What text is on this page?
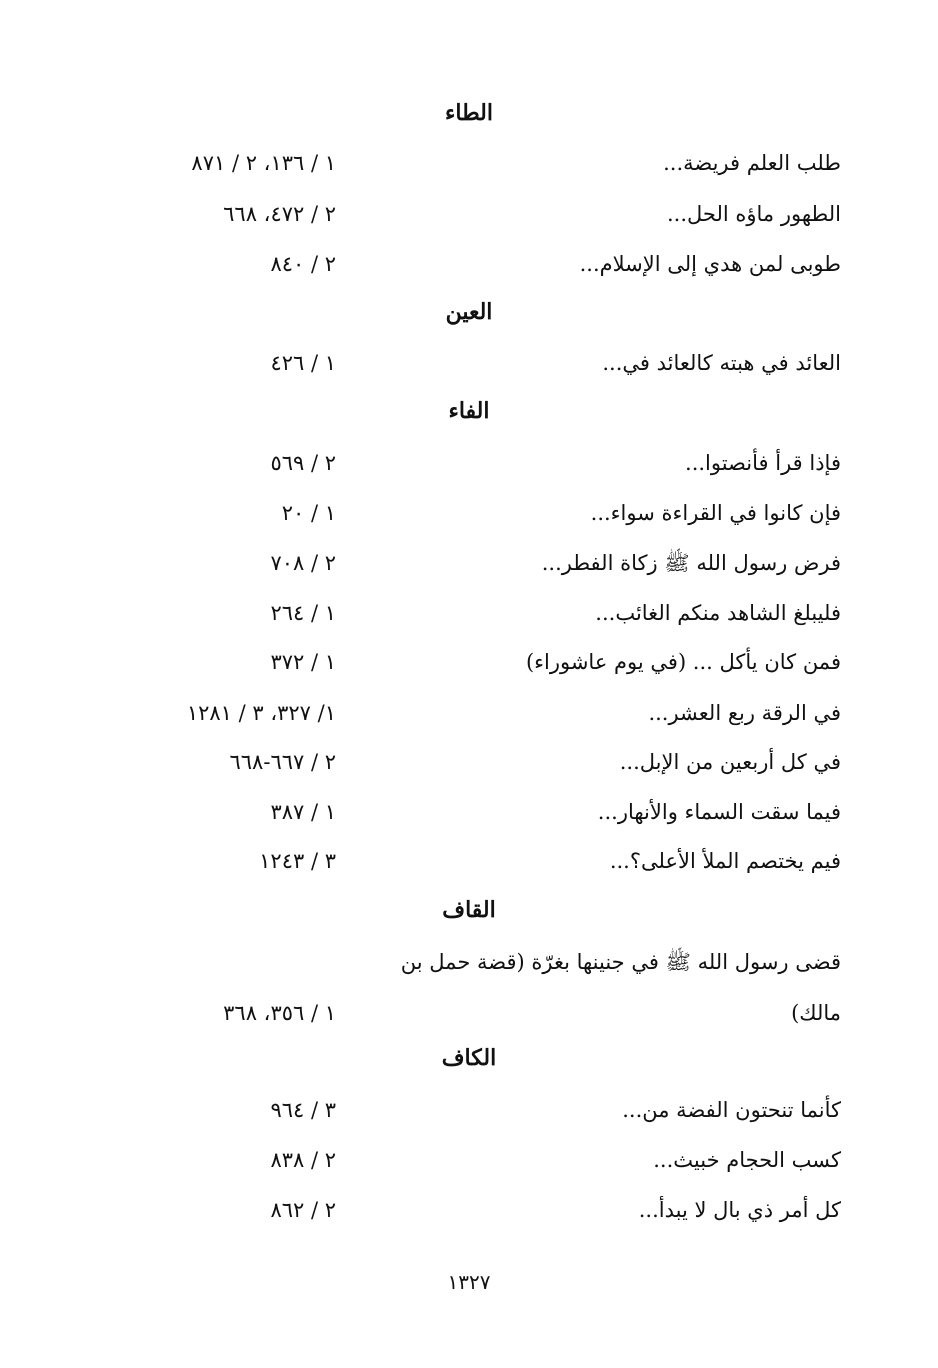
الطاء
طلب العلم فريضة...
١ / ١٣٦، ٢ / ٨٧١
الطهور ماؤه الحل...
٢ / ٤٧٢، ٦٦٨
طوبى لمن هدي إلى الإسلام...
٢ / ٨٤٠
العين
العائد في هبته كالعائد في...
١ / ٤٢٦
الفاء
فإذا قرأ فأنصتوا...
٢ / ٥٦٩
فإن كانوا في القراءة سواء...
١ / ٢٠
فرض رسول الله ﷺ زكاة الفطر...
٢ / ٧٠٨
فليبلغ الشاهد منكم الغائب...
١ / ٢٦٤
فمن كان يأكل ... (في يوم عاشوراء)
١ / ٣٧٢
في الرقة ربع العشر...
١/ ٣٢٧، ٣ / ١٢٨١
في كل أربعين من الإبل...
٢ / ٦٦٧-٦٦٨
فيما سقت السماء والأنهار...
١ / ٣٨٧
فيم يختصم الملأ الأعلى؟...
٣ / ١٢٤٣
القاف
قضى رسول الله ﷺ في جنينها بغرّة (قضة حمل بن
مالك)
١ / ٣٥٦، ٣٦٨
الكاف
كأنما تنحتون الفضة من...
٣ / ٩٦٤
كسب الحجام خبيث...
٢ / ٨٣٨
كل أمر ذي بال لا يبدأ...
٢ / ٨٦٢
١٣٢٧
